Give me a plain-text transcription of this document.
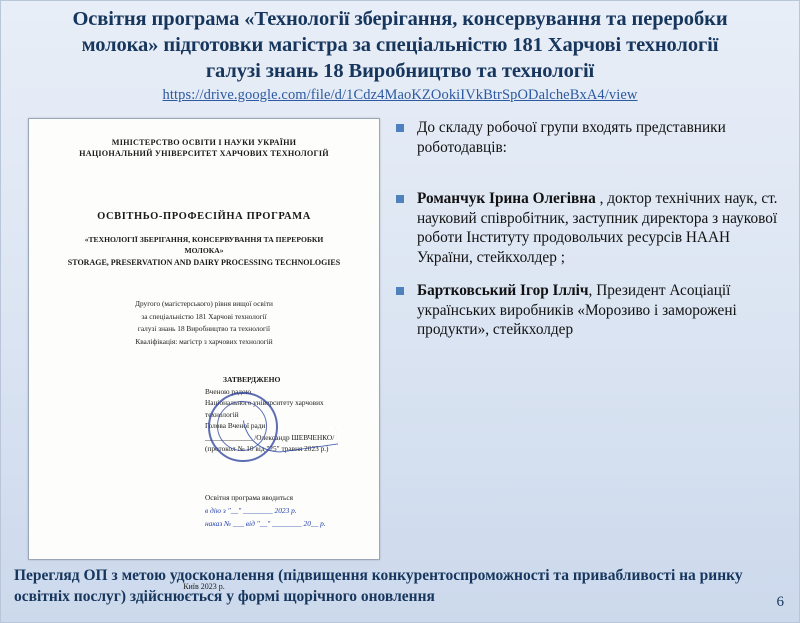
Освітня програма «Технології зберігання, консервування та переробки
молока» підготовки магістра за спеціальністю 181 Харчові технології
галузі знань 18 Виробництво та технології
https://drive.google.com/file/d/1Cdz4MaoKZOokiIVkBtrSpODalcheBxA4/view
МІНІСТЕРСТВО ОСВІТИ І НАУКИ УКРАЇНИ
НАЦІОНАЛЬНИЙ УНІВЕРСИТЕТ ХАРЧОВИХ ТЕХНОЛОГІЙ
ОСВІТНЬО-ПРОФЕСІЙНА ПРОГРАМА
«ТЕХНОЛОГІЇ ЗБЕРІГАННЯ, КОНСЕРВУВАННЯ ТА ПЕРЕРОБКИ МОЛОКА»
STORAGE, PRESERVATION AND DAIRY PROCESSING TECHNOLOGIES
Другого (магістерського) рівня вищої освіти
за спеціальністю 181 Харчові технології
галузі знань 18 Виробництво та технології
Кваліфікація: магістр з харчових технологій
ЗАТВЕРДЖЕНО
Вченою радою
Національного університету харчових
технологій
Голова Вченої ради
_____________ /Олександр ШЕВЧЕНКО/
(протокол № 10 від "25" травня 2023 р.)
Освітня програма вводиться
в дію з "__" ________ 2023 р.
наказ № ___ від "__" ________ 20__ р.
Київ 2023 р.
До складу робочої групи входять представники роботодавців:
Романчук Ірина Олегівна , доктор технічних наук, ст. науковий співробітник, заступник директора з наукової роботи Інституту продовольчих ресурсів НААН України, стейкхолдер ;
Бартковський Ігор Ілліч, Президент Асоціації українських виробників «Морозиво і заморожені продукти», стейкхолдер
Перегляд ОП з метою удосконалення (підвищення конкурентоспроможності та привабливості на ринку освітніх послуг) здійснюється у формі щорічного оновлення	6
